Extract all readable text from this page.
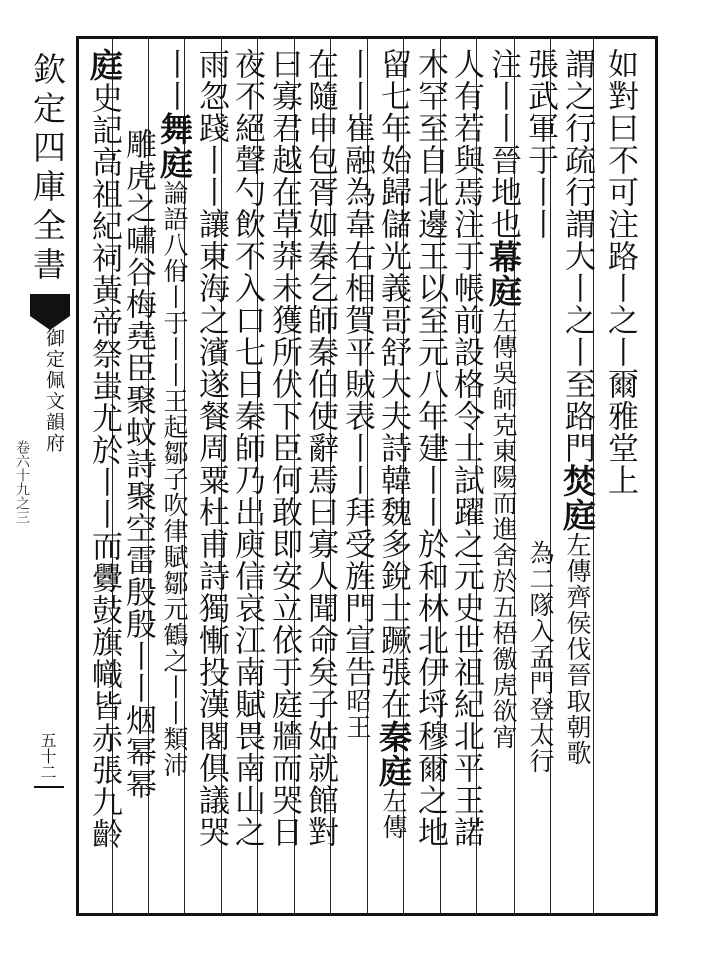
如對曰不可注路丨之丨爾雅堂上
謂之行疏行謂大丨之丨至路門焚庭左傳齊侯伐晉取朝歌
張武軍于丨丨為二隊入孟門登太行
注丨丨晉地也幕庭左傳吳師克東陽而進舍於五梧徼虎欲宵
人有若與焉注于帳前設格令士試躍之元史世祖紀北平王諾
木罕至自北邊王以至元八年建丨丨於和林北伊埒穆爾之地
留七年始歸儲光義哥舒大夫詩韓魏多銳士蹶張在秦庭左傳
丨丨崔融為韋右相賀平賊表丨丨拜受旌門宣告昭王
在隨申包胥如秦乞師秦伯使辭焉曰寡人聞命矣子姑就館對
曰寡君越在草莽未獲所伏下臣何敢即安立依于庭牆而哭日
夜不絕聲勺飲不入口七日秦師乃出庾信哀江南賦畏南山之
雨忽踐丨丨讓東海之濱遂餐周粟杜甫詩獨慚投漢閣俱議哭
丨丨舞庭論語八佾丨于丨丨王起鄒子吹律賦鄒元鶴之丨丨類沛
雕虎之嘯谷梅堯臣聚蚊詩聚空雷殷殷丨丨烟幂幂
庭史記高祖紀祠黃帝祭蚩尤於丨丨而釁鼓旗幟皆赤張九齡
欽定四庫全書
御定佩文韻府
卷六十九之三
五十二
